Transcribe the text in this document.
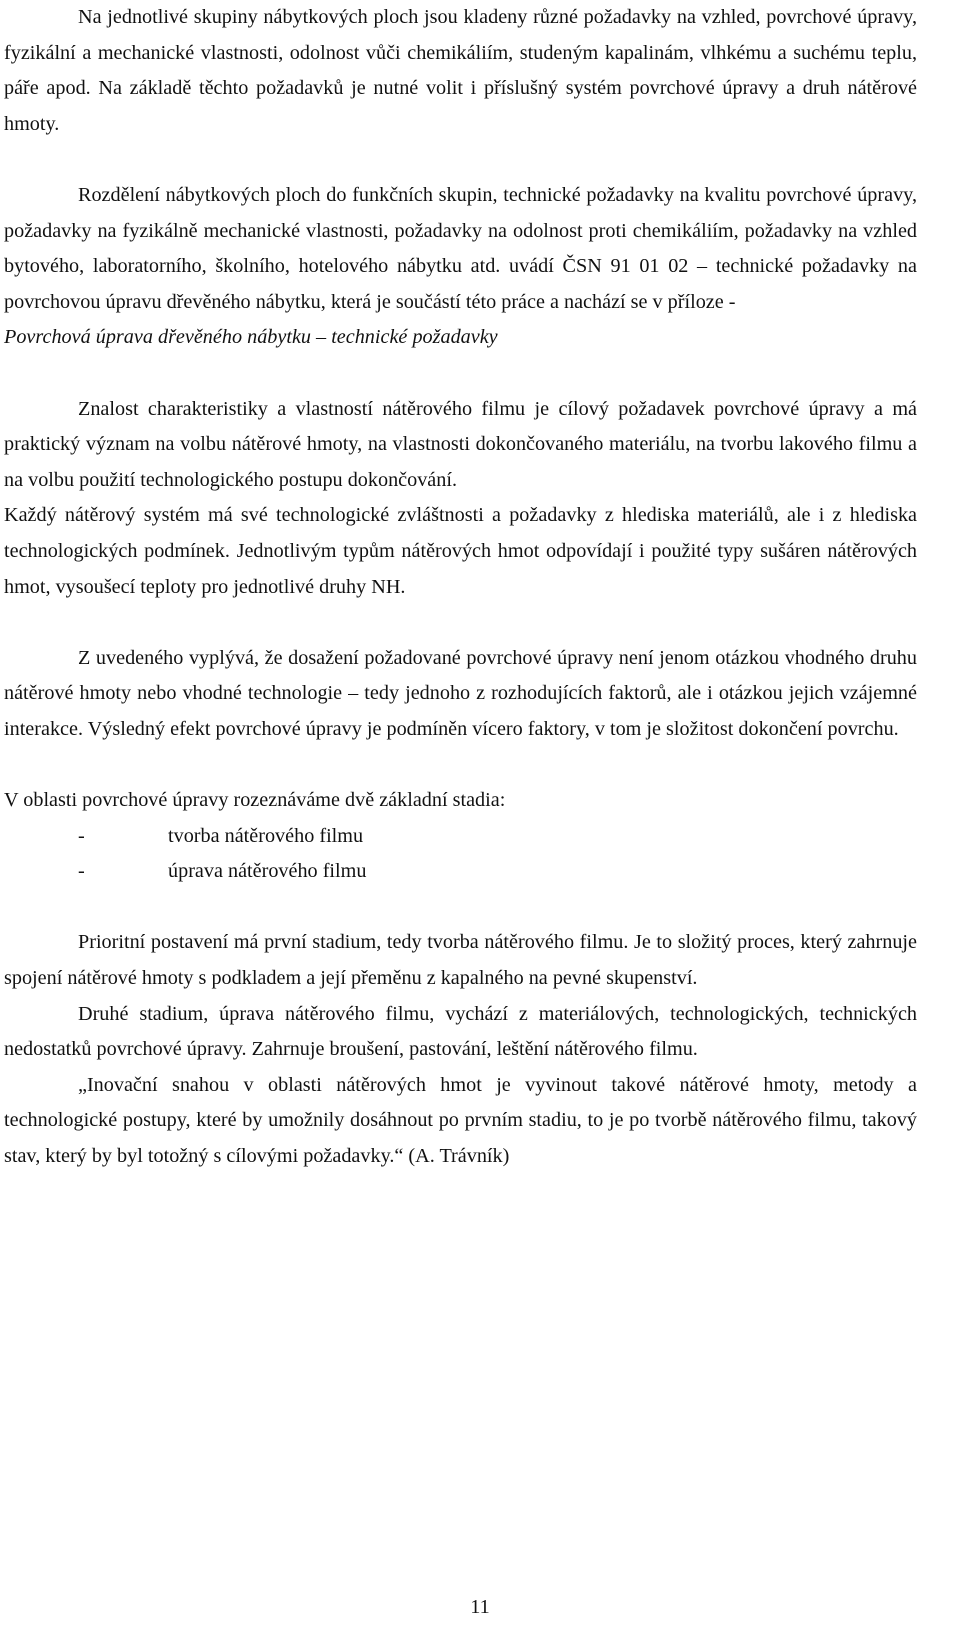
Na jednotlivé skupiny nábytkových ploch jsou kladeny různé požadavky na vzhled, povrchové úpravy, fyzikální a mechanické vlastnosti, odolnost vůči chemikáliím, studeným kapalinám, vlhkému a suchému teplu, páře apod. Na základě těchto požadavků je nutné volit i příslušný systém povrchové úpravy a druh nátěrové hmoty.

Rozdělení nábytkových ploch do funkčních skupin, technické požadavky na kvalitu povrchové úpravy, požadavky na fyzikálně mechanické vlastnosti, požadavky na odolnost proti chemikáliím, požadavky na vzhled bytového, laboratorního, školního, hotelového nábytku atd. uvádí ČSN 91 01 02 – technické požadavky na povrchovou úpravu dřevěného nábytku, která je součástí této práce a nachází se v příloze -
Povrchová úprava dřevěného nábytku – technické požadavky

Znalost charakteristiky a vlastností nátěrového filmu je cílový požadavek povrchové úpravy a má praktický význam na volbu nátěrové hmoty, na vlastnosti dokončovaného materiálu, na tvorbu lakového filmu a na volbu použití technologického postupu dokončování.

Každý nátěrový systém má své technologické zvláštnosti a požadavky z hlediska materiálů, ale i z hlediska technologických podmínek. Jednotlivým typům nátěrových hmot odpovídají i použité typy sušáren nátěrových hmot, vysoušecí teploty pro jednotlivé druhy NH.

Z uvedeného vyplývá, že dosažení požadované povrchové úpravy není jenom otázkou vhodného druhu nátěrové hmoty nebo vhodné technologie – tedy jednoho z rozhodujících faktorů, ale i otázkou jejich vzájemné interakce. Výsledný efekt povrchové úpravy je podmíněn vícero faktory, v tom je složitost dokončení povrchu.

V oblasti povrchové úpravy rozeznáváme dvě základní stadia:

-	tvorba nátěrového filmu
-	úprava nátěrového filmu

Prioritní postavení má první stadium, tedy tvorba nátěrového filmu. Je to složitý proces, který zahrnuje spojení nátěrové hmoty s podkladem a její přeměnu z kapalného na pevné skupenství.

Druhé stadium, úprava nátěrového filmu, vychází z materiálových, technologických, technických nedostatků povrchové úpravy. Zahrnuje broušení, pastování, leštění nátěrového filmu.

„Inovační snahou v oblasti nátěrových hmot je vyvinout takové nátěrové hmoty, metody a technologické postupy, které by umožnily dosáhnout po prvním stadiu, to je po tvorbě nátěrového filmu, takový stav, který by byl totožný s cílovými požadavky.“ (A. Trávník)

11
